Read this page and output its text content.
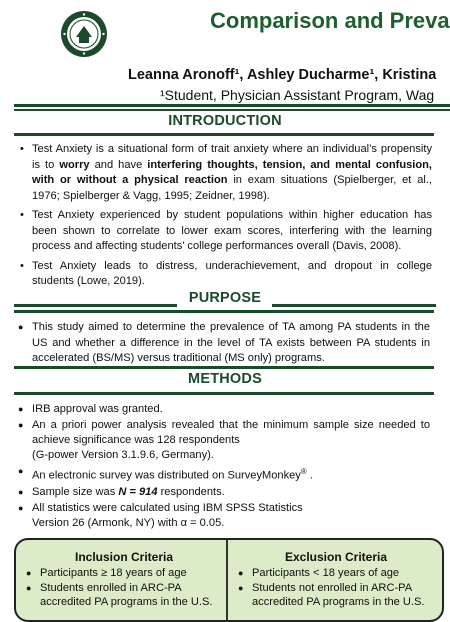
Comparison and Preva
Leanna Aronoff¹, Ashley Ducharme¹, Kristina
¹Student, Physician Assistant Program, Wag
INTRODUCTION
• Test Anxiety is a situational form of trait anxiety where an individual’s propensity is to worry and have interfering thoughts, tension, and mental confusion, with or without a physical reaction in exam situations (Spielberger, et al., 1976; Spielberger & Vagg, 1995; Zeidner, 1998).
• Test Anxiety experienced by student populations within higher education has been shown to correlate to lower exam scores, interfering with the learning process and affecting students’ college performances overall (Davis, 2008).
• Test Anxiety leads to distress, underachievement, and dropout in college students (Lowe, 2019).
PURPOSE
● This study aimed to determine the prevalence of TA among PA students in the US and whether a difference in the level of TA exists between PA students in accelerated (BS/MS) versus traditional (MS only) programs.
METHODS
● IRB approval was granted.
● An a priori power analysis revealed that the minimum sample size needed to achieve significance was 128 respondents
(G-power Version 3.1.9.6, Germany).
● An electronic survey was distributed on SurveyMonkey® .
● Sample size was N = 914 respondents.
● All statistics were calculated using IBM SPSS Statistics
Version 26 (Armonk, NY) with α = 0.05.
Inclusion Criteria
● Participants ≥ 18 years of age
● Students enrolled in ARC-PA
accredited PA programs in the U.S.
Exclusion Criteria
● Participants < 18 years of age
● Students not enrolled in ARC-PA
accredited PA programs in the U.S.
